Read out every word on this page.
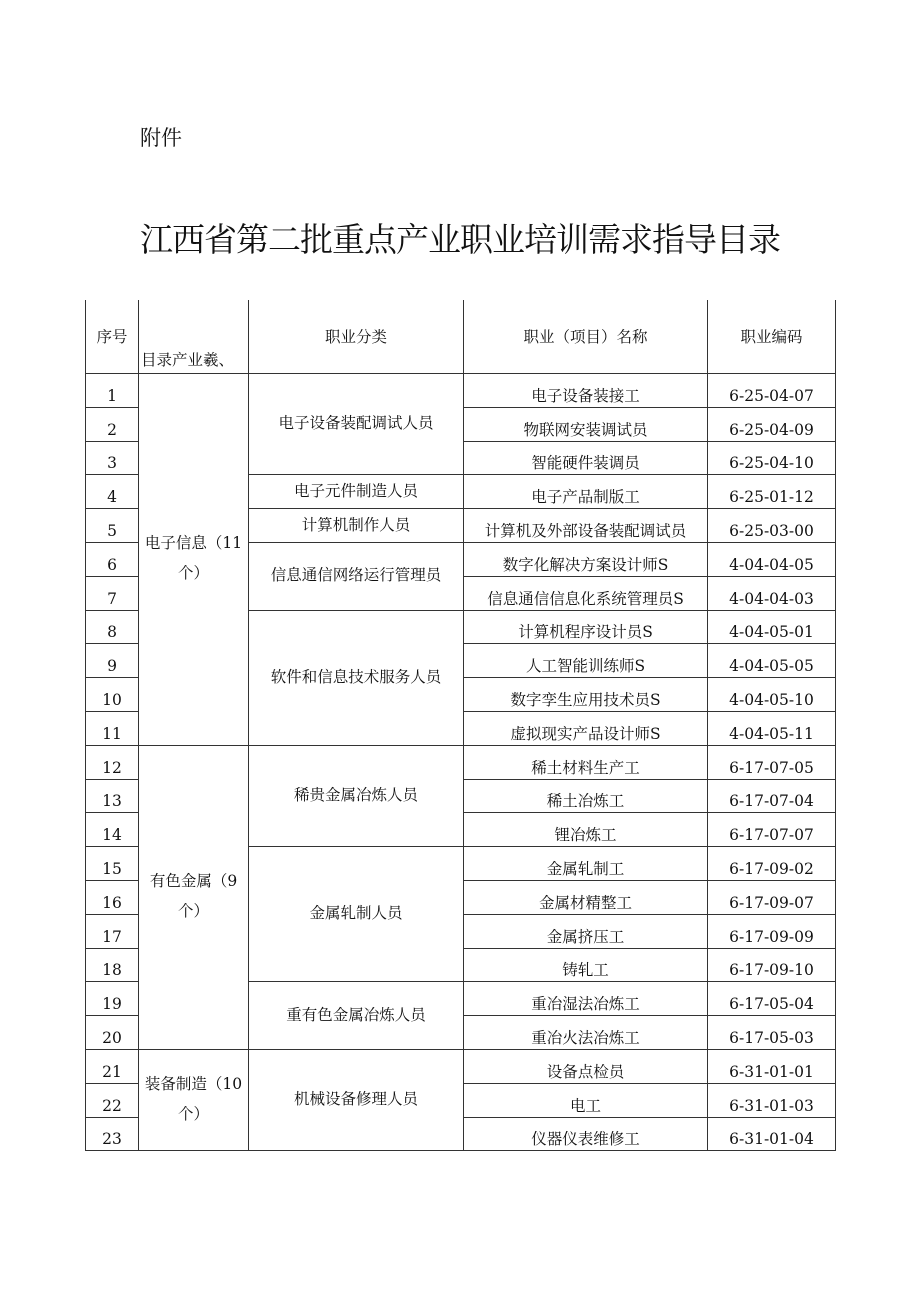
附件
江西省第二批重点产业职业培训需求指导目录
序号	目录产业羲、	职业分类	职业（项目）名称	职业编码
1	电子信息（11个）	电子设备装配调试人员	电子设备装接工	6-25-04-07
2			物联网安装调试员	6-25-04-09
3			智能硬件装调员	6-25-04-10
4		电子元件制造人员	电子产品制版工	6-25-01-12
5		计算机制作人员	计算机及外部设备装配调试员	6-25-03-00
6		信息通信网络运行管理员	数字化解决方案设计师S	4-04-04-05
7			信息通信信息化系统管理员S	4-04-04-03
8		软件和信息技术服务人员	计算机程序设计员S	4-04-05-01
9			人工智能训练师S	4-04-05-05
10			数字孪生应用技术员S	4-04-05-10
11			虚拟现实产品设计师S	4-04-05-11
12	有色金属（9个）	稀贵金属冶炼人员	稀土材料生产工	6-17-07-05
13			稀土冶炼工	6-17-07-04
14			锂冶炼工	6-17-07-07
15		金属轧制人员	金属轧制工	6-17-09-02
16			金属材精整工	6-17-09-07
17			金属挤压工	6-17-09-09
18			铸轧工	6-17-09-10
19		重有色金属冶炼人员	重冶湿法冶炼工	6-17-05-04
20			重冶火法冶炼工	6-17-05-03
21	装备制造（10个）	机械设备修理人员	设备点检员	6-31-01-01
22			电工	6-31-01-03
23			仪器仪表维修工	6-31-01-04
